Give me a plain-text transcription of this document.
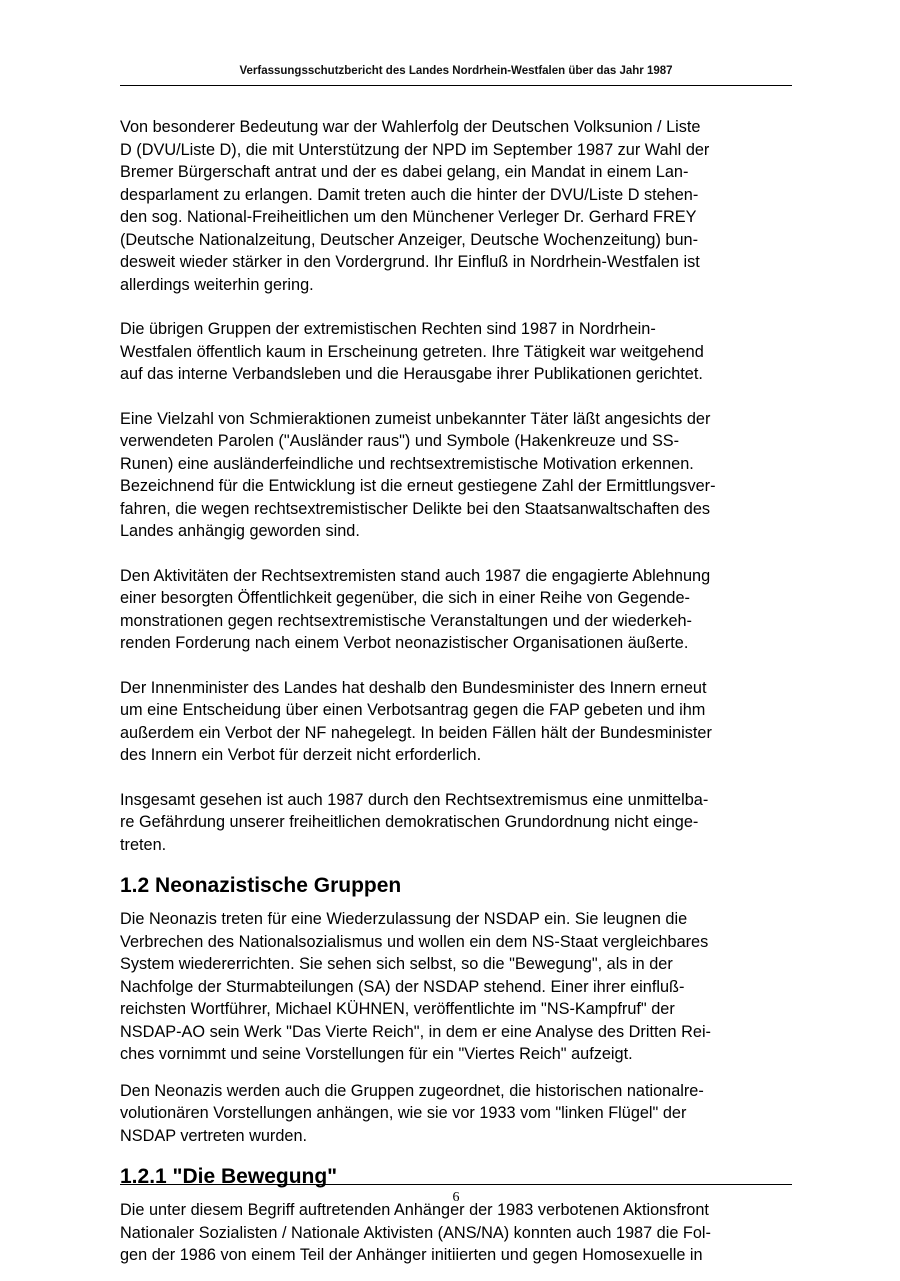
Verfassungsschutzbericht des Landes Nordrhein-Westfalen über das Jahr 1987
Von besonderer Bedeutung war der Wahlerfolg der Deutschen Volksunion / Liste
D (DVU/Liste D), die mit Unterstützung der NPD im September 1987 zur Wahl der
Bremer Bürgerschaft antrat und der es dabei gelang, ein Mandat in einem Lan-
desparlament zu erlangen. Damit treten auch die hinter der DVU/Liste D stehen-
den sog. National-Freiheitlichen um den Münchener Verleger Dr. Gerhard FREY
(Deutsche Nationalzeitung, Deutscher Anzeiger, Deutsche Wochenzeitung) bun-
desweit wieder stärker in den Vordergrund. Ihr Einfluß in Nordrhein-Westfalen ist
allerdings weiterhin gering.
Die übrigen Gruppen der extremistischen Rechten sind 1987 in Nordrhein-
Westfalen öffentlich kaum in Erscheinung getreten. Ihre Tätigkeit war weitgehend
auf das interne Verbandsleben und die Herausgabe ihrer Publikationen gerichtet.
Eine Vielzahl von Schmieraktionen zumeist unbekannter Täter läßt angesichts der
verwendeten Parolen ("Ausländer raus") und Symbole (Hakenkreuze und SS-
Runen) eine ausländerfeindliche und rechtsextremistische Motivation erkennen.
Bezeichnend für die Entwicklung ist die erneut gestiegene Zahl der Ermittlungsver-
fahren, die wegen rechtsextremistischer Delikte bei den Staatsanwaltschaften des
Landes anhängig geworden sind.
Den Aktivitäten der Rechtsextremisten stand auch 1987 die engagierte Ablehnung
einer besorgten Öffentlichkeit gegenüber, die sich in einer Reihe von Gegende-
monstrationen gegen rechtsextremistische Veranstaltungen und der wiederkeh-
renden Forderung nach einem Verbot neonazistischer Organisationen äußerte.
Der Innenminister des Landes hat deshalb den Bundesminister des Innern erneut
um eine Entscheidung über einen Verbotsantrag gegen die FAP gebeten und ihm
außerdem ein Verbot der NF nahegelegt. In beiden Fällen hält der Bundesminister
des Innern ein Verbot für derzeit nicht erforderlich.
Insgesamt gesehen ist auch 1987 durch den Rechtsextremismus eine unmittelba-
re Gefährdung unserer freiheitlichen demokratischen Grundordnung nicht einge-
treten.
1.2 Neonazistische Gruppen
Die Neonazis treten für eine Wiederzulassung der NSDAP ein. Sie leugnen die
Verbrechen des Nationalsozialismus und wollen ein dem NS-Staat vergleichbares
System wiedererrichten. Sie sehen sich selbst, so die "Bewegung", als in der
Nachfolge der Sturmabteilungen (SA) der NSDAP stehend. Einer ihrer einfluß-
reichsten Wortführer, Michael KÜHNEN, veröffentlichte im "NS-Kampfruf" der
NSDAP-AO sein Werk "Das Vierte Reich", in dem er eine Analyse des Dritten Rei-
ches vornimmt und seine Vorstellungen für ein "Viertes Reich" aufzeigt.
Den Neonazis werden auch die Gruppen zugeordnet, die historischen nationalre-
volutionären Vorstellungen anhängen, wie sie vor 1933 vom "linken Flügel" der
NSDAP vertreten wurden.
1.2.1 "Die Bewegung"
Die unter diesem Begriff auftretenden Anhänger der 1983 verbotenen Aktionsfront
Nationaler Sozialisten / Nationale Aktivisten (ANS/NA) konnten auch 1987 die Fol-
gen der 1986 von einem Teil der Anhänger initiierten und gegen Homosexuelle in
6
